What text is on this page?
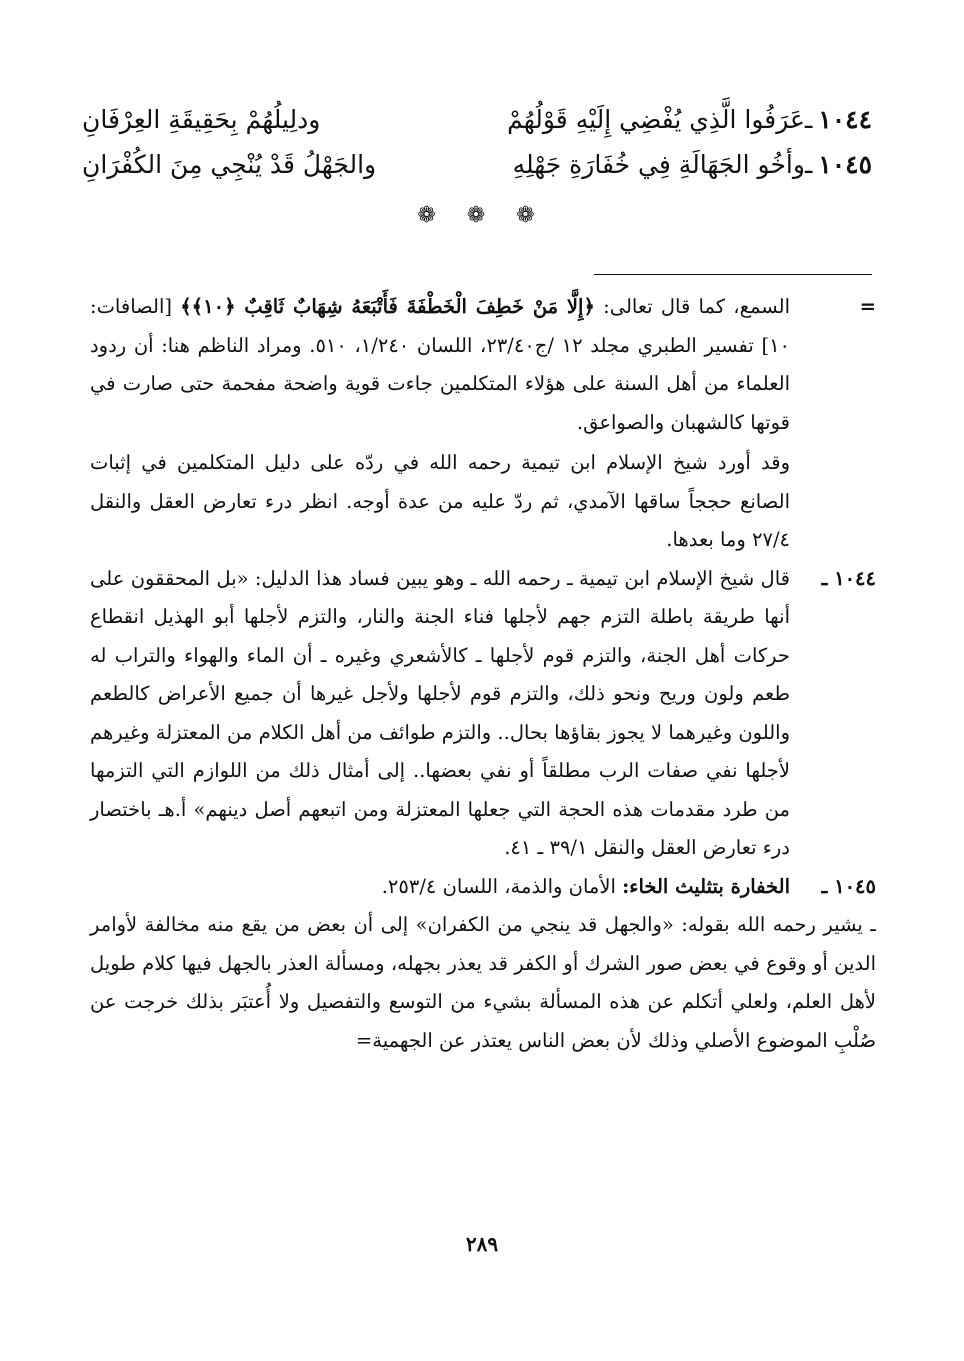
١٠٤٤
ـ
عَرَفُوا الَّذِي يُفْضِي إِلَيْهِ قَوْلُهُمْ
ودلِيلُهُمْ بِحَقِيقَةِ العِرْفَانِ
١٠٤٥
ـ
وأخُو الجَهَالَةِ فِي خُفَارَةِ جَهْلِهِ
والجَهْلُ قَدْ يُنْجِي مِنَ الكُفْرَانِ
❁ ❁ ❁
=

السمع، كما قال تعالى: ﴿إِلَّا مَنْ خَطِفَ الْخَطْفَةَ فَأَتْبَعَهُ شِهَابٌ ثَاقِبٌ ﴿١٠﴾﴾ [الصافات: ١٠] تفسير الطبري مجلد ١٢ /ج٢٣/٤٠، اللسان ١/٢٤٠، ٥١٠. ومراد الناظم هنا: أن ردود العلماء من أهل السنة على هؤلاء المتكلمين جاءت قوية واضحة مفحمة حتى صارت في قوتها كالشهبان والصواعق.

وقد أورد شيخ الإسلام ابن تيمية رحمه الله في ردّه على دليل المتكلمين في إثبات الصانع حججاً ساقها الآمدي، ثم ردّ عليه من عدة أوجه. انظر درء تعارض العقل والنقل ٢٧/٤ وما بعدها.

١٠٤٤ ـ

قال شيخ الإسلام ابن تيمية ـ رحمه الله ـ وهو يبين فساد هذا الدليل: «بل المحققون على أنها طريقة باطلة التزم جهم لأجلها فناء الجنة والنار، والتزم لأجلها أبو الهذيل انقطاع حركات أهل الجنة، والتزم قوم لأجلها ـ كالأشعري وغيره ـ أن الماء والهواء والتراب له طعم ولون وريح ونحو ذلك، والتزم قوم لأجلها ولأجل غيرها أن جميع الأعراض كالطعم واللون وغيرهما لا يجوز بقاؤها بحال.. والتزم طوائف من أهل الكلام من المعتزلة وغيرهم لأجلها نفي صفات الرب مطلقاً أو نفي بعضها.. إلى أمثال ذلك من اللوازم التي التزمها من طرد مقدمات هذه الحجة التي جعلها المعتزلة ومن اتبعهم أصل دينهم» أ.هـ باختصار درء تعارض العقل والنقل ٣٩/١ ـ ٤١.

١٠٤٥ ـ

الخفارة بتثليث الخاء: الأمان والذمة، اللسان ٢٥٣/٤.

ـ يشير رحمه الله بقوله: «والجهل قد ينجي من الكفران» إلى أن بعض من يقع منه مخالفة لأوامر الدين أو وقوع في بعض صور الشرك أو الكفر قد يعذر بجهله، ومسألة العذر بالجهل فيها كلام طويل لأهل العلم، ولعلي أتكلم عن هذه المسألة بشيء من التوسع والتفصيل ولا أُعتبَر بذلك خرجت عن صُلْبِ الموضوع الأصلي وذلك لأن بعض الناس يعتذر عن الجهمية=

٢٨٩
